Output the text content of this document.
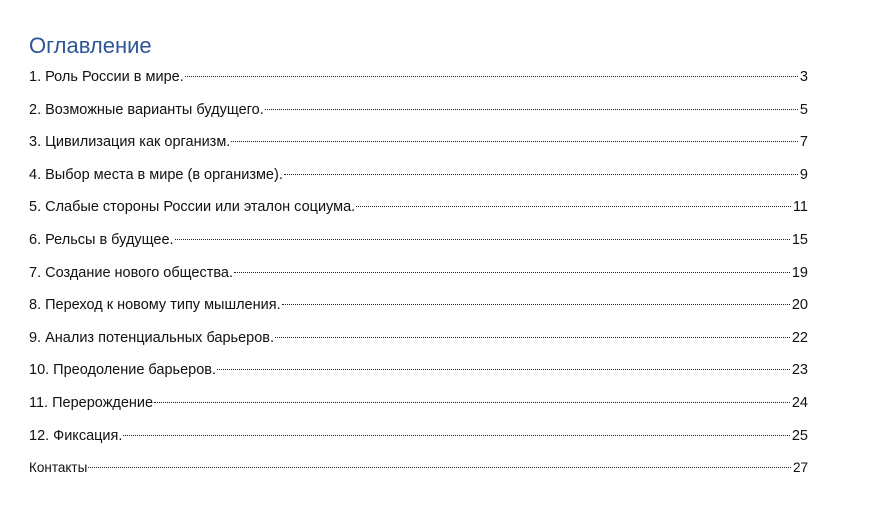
Оглавление
1. Роль России в мире.	3
2. Возможные варианты будущего.	5
3. Цивилизация как организм.	7
4. Выбор места в мире (в организме).	9
5. Слабые стороны России или эталон социума.	11
6. Рельсы в будущее.	15
7. Создание нового общества.	19
8. Переход к новому типу мышления.	20
9. Анализ потенциальных барьеров.	22
10. Преодоление барьеров.	23
11. Перерождение	24
12. Фиксация.	25
Контакты	27
